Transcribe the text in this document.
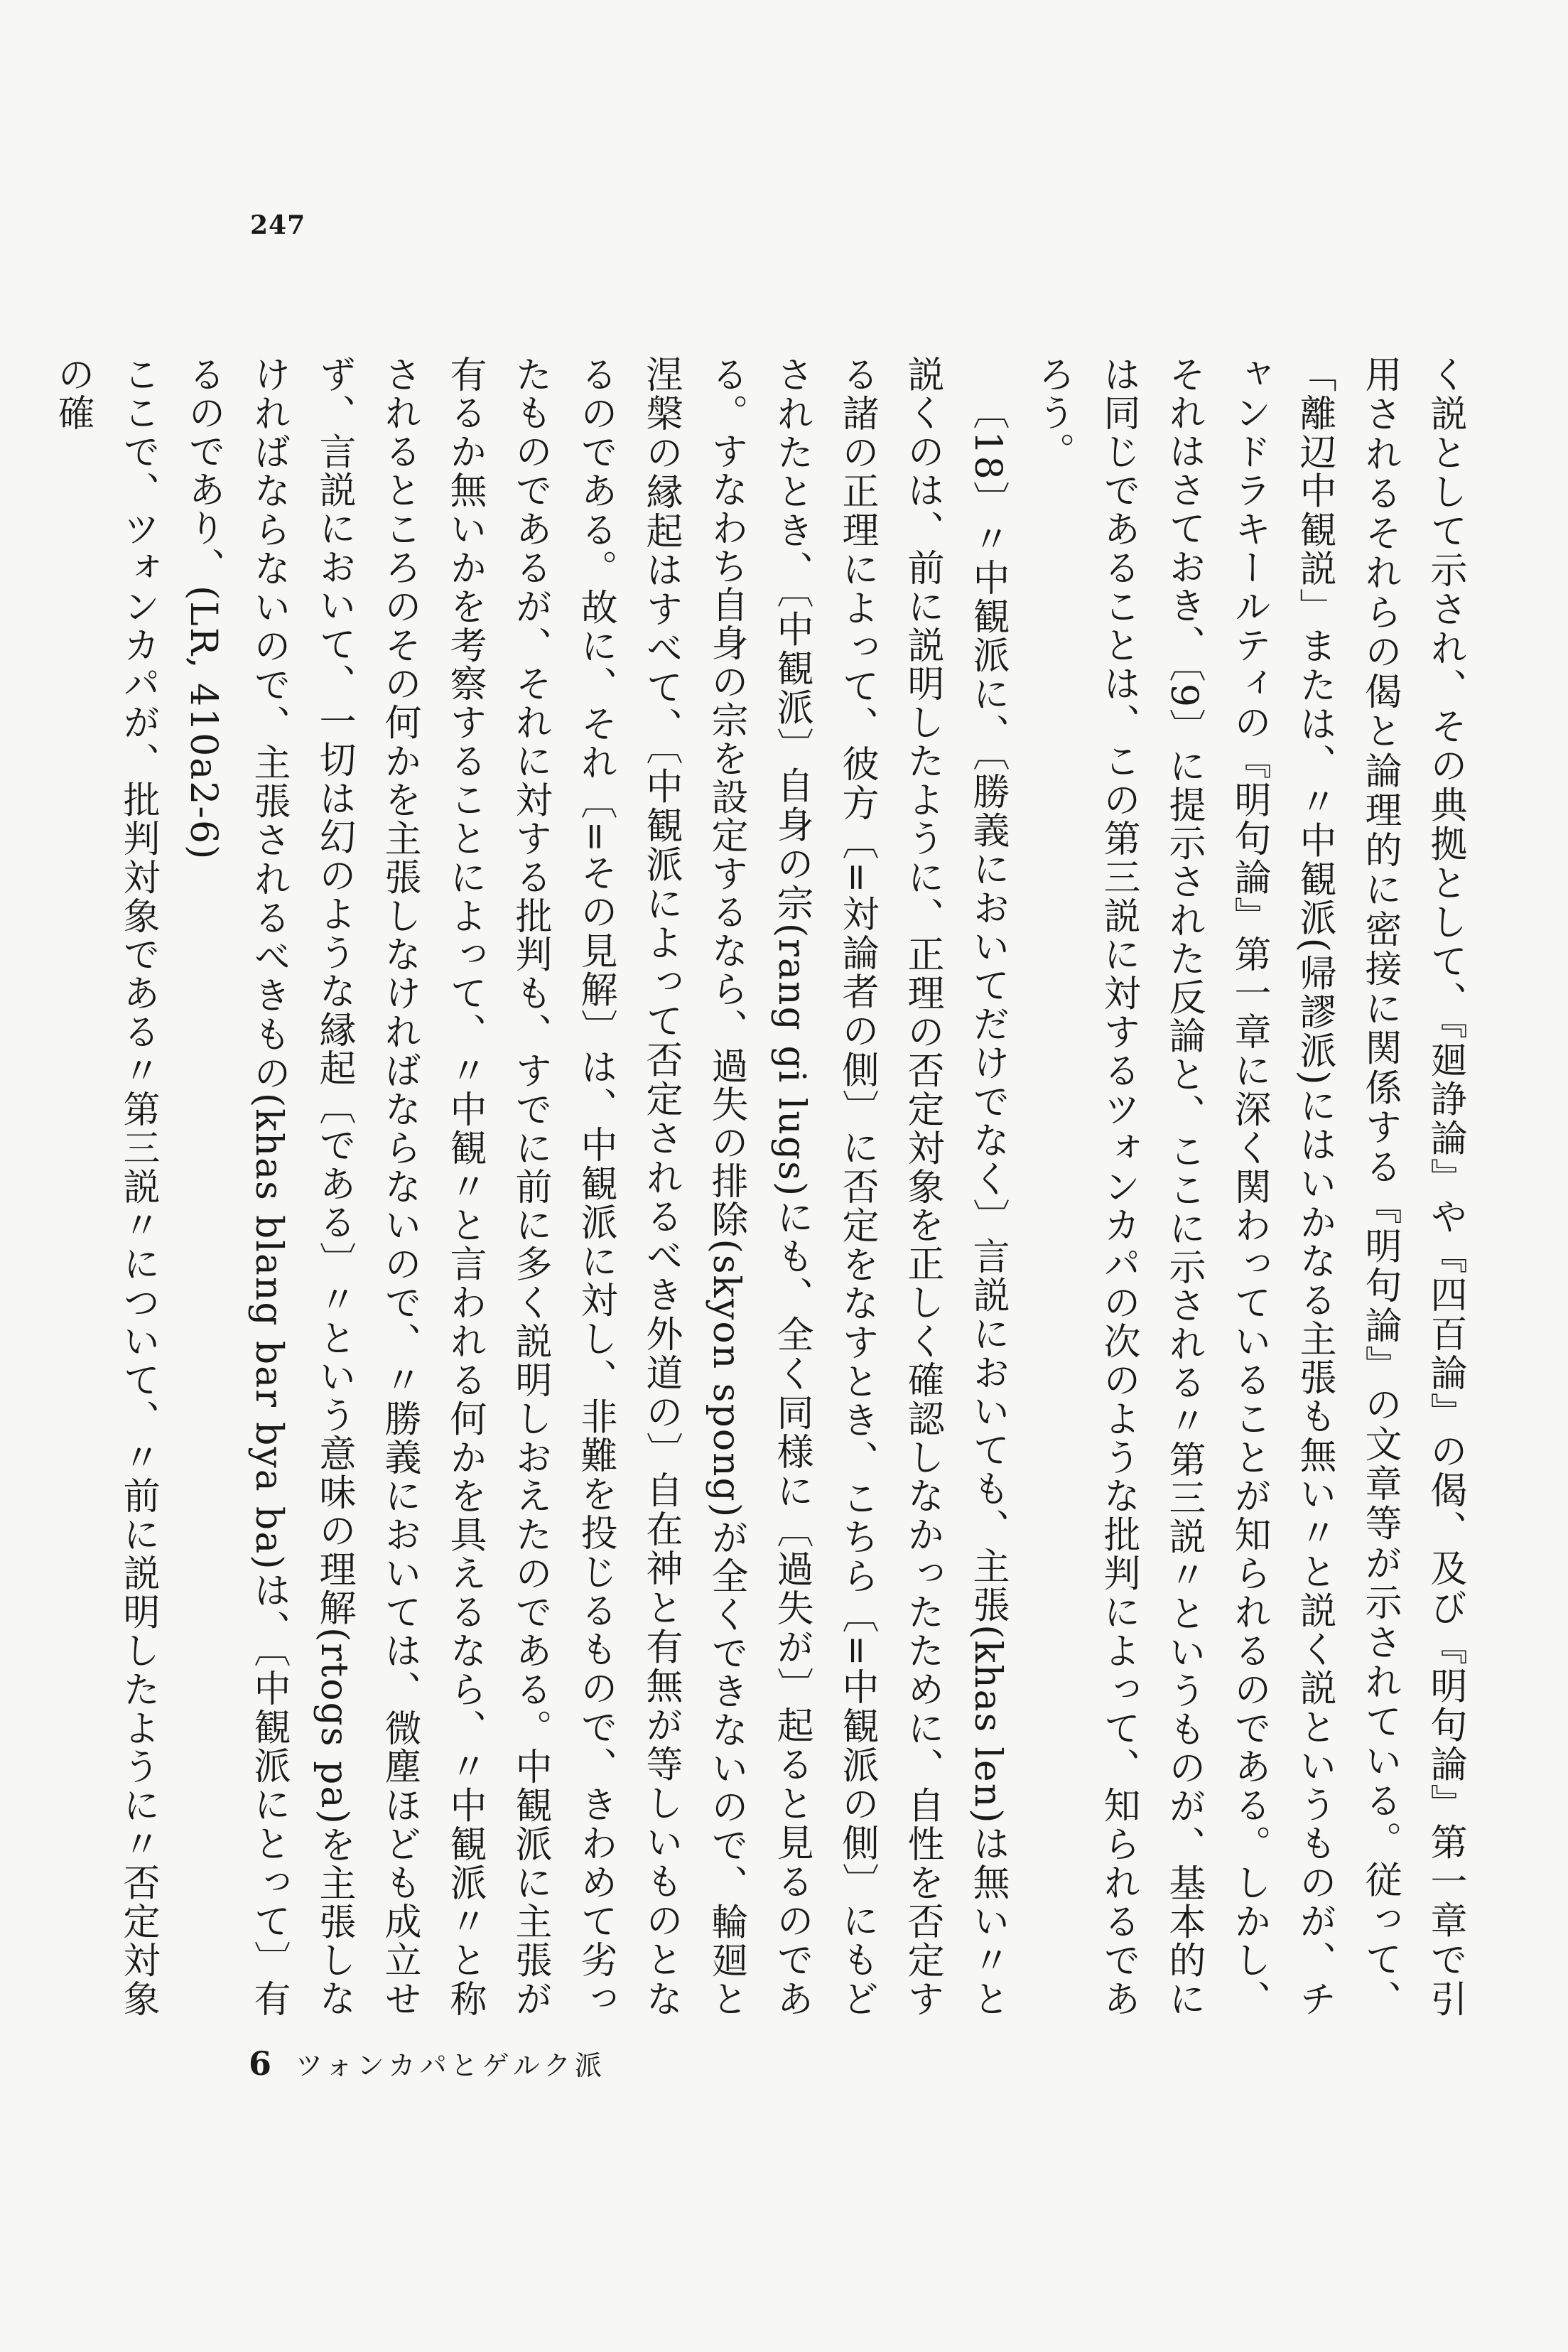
247

く説として示され、その典拠として、『廻諍論』や『四百論』の偈、及び『明句論』第一章で引用されるそれらの偈と論理的に密接に関係する『明句論』の文章等が示されている。従って、「離辺中観説」または、〃中観派(帰謬派)にはいかなる主張も無い〃と説く説というものが、チャンドラキールティの『明句論』第一章に深く関わっていることが知られるのである。しかし、それはさておき、〔9〕に提示された反論と、ここに示される〃第三説〃というものが、基本的には同じであることは、この第三説に対するツォンカパの次のような批判によって、知られるであろう。

〔18〕〃中観派に、〔勝義においてだけでなく〕言説においても、主張(khas len)は無い〃と説くのは、前に説明したように、正理の否定対象を正しく確認しなかったために、自性を否定する諸の正理によって、彼方〔=対論者の側〕に否定をなすとき、こちら〔=中観派の側〕にもどされたとき、〔中観派〕自身の宗(rang gi lugs)にも、全く同様に〔過失が〕起ると見るのである。すなわち自身の宗を設定するなら、過失の排除(skyon spong)が全くできないので、輪廻と涅槃の縁起はすべて、〔中観派によって否定されるべき外道の〕自在神と有無が等しいものとなるのである。故に、それ〔=その見解〕は、中観派に対し、非難を投じるもので、きわめて劣ったものであるが、それに対する批判も、すでに前に多く説明しおえたのである。中観派に主張が有るか無いかを考察することによって、〃中観〃と言われる何かを具えるなら、〃中観派〃と称されるところのその何かを主張しなければならないので、〃勝義においては、微塵ほども成立せず、言説において、一切は幻のような縁起〔である〕〃という意味の理解(rtogs pa)を主張しなければならないので、主張されるべきもの(khas blang bar bya ba)は、〔中観派にとって〕有るのであり、(LR, 410a2-6)

ここで、ツォンカパが、批判対象である〃第三説〃について、〃前に説明したように〃否定対象の確

6 ツォンカパとゲルク派
